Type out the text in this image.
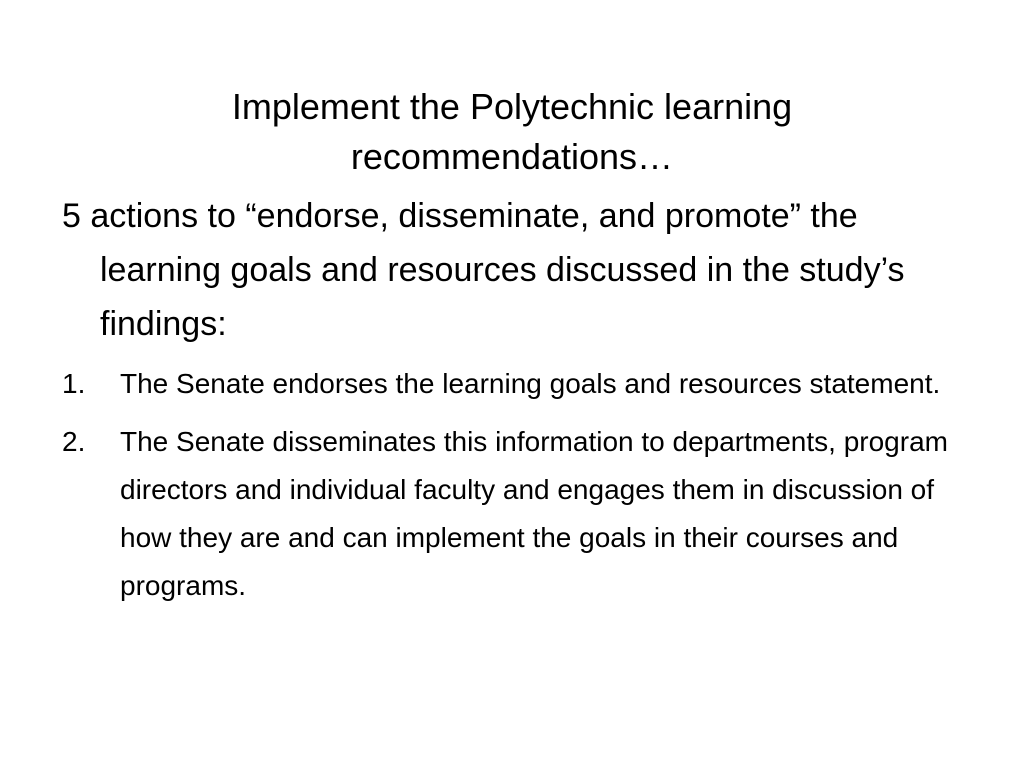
Implement the Polytechnic learning recommendations…

5 actions to “endorse, disseminate, and promote” the learning goals and resources discussed in the study’s findings:

1.	The Senate endorses the learning goals and resources statement.
2.	The Senate disseminates this information to departments, program directors and individual faculty and engages them in discussion of how they are and can implement the goals in their courses and programs.
